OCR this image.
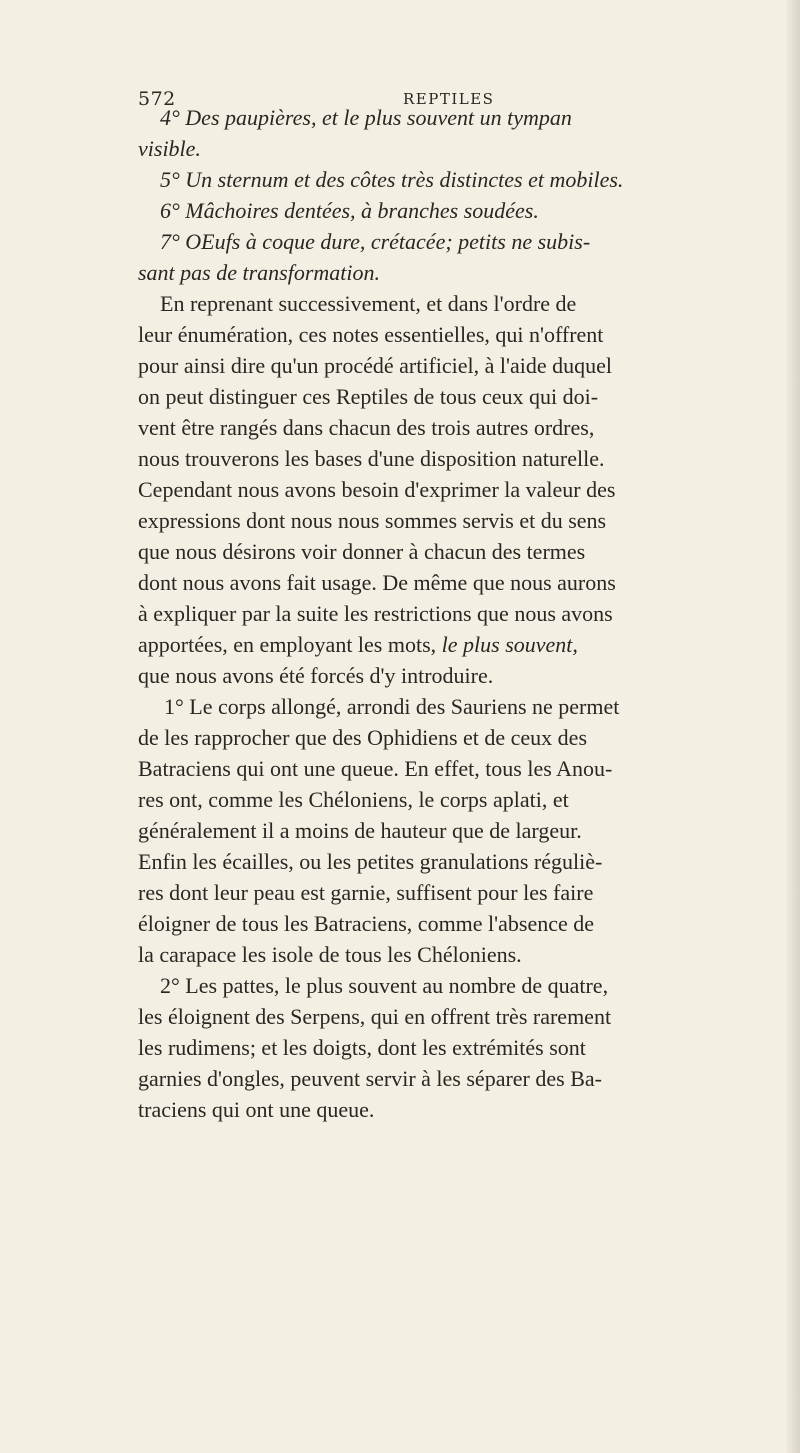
572	REPTILES
4° Des paupières, et le plus souvent un tympan
visible.
5° Un sternum et des côtes très distinctes et mobiles.
6° Mâchoires dentées, à branches soudées.
7° OEufs à coque dure, crétacée; petits ne subis-
sant pas de transformation.
En reprenant successivement, et dans l'ordre de
leur énumération, ces notes essentielles, qui n'offrent
pour ainsi dire qu'un procédé artificiel, à l'aide duquel
on peut distinguer ces Reptiles de tous ceux qui doi-
vent être rangés dans chacun des trois autres ordres,
nous trouverons les bases d'une disposition naturelle.
Cependant nous avons besoin d'exprimer la valeur des
expressions dont nous nous sommes servis et du sens
que nous désirons voir donner à chacun des termes
dont nous avons fait usage. De même que nous aurons
à expliquer par la suite les restrictions que nous avons
apportées, en employant les mots, le plus souvent,
que nous avons été forcés d'y introduire.
1° Le corps allongé, arrondi des Sauriens ne permet
de les rapprocher que des Ophidiens et de ceux des
Batraciens qui ont une queue. En effet, tous les Anou-
res ont, comme les Chéloniens, le corps aplati, et
généralement il a moins de hauteur que de largeur.
Enfin les écailles, ou les petites granulations réguliè-
res dont leur peau est garnie, suffisent pour les faire
éloigner de tous les Batraciens, comme l'absence de
la carapace les isole de tous les Chéloniens.
2° Les pattes, le plus souvent au nombre de quatre,
les éloignent des Serpens, qui en offrent très rarement
les rudimens; et les doigts, dont les extrémités sont
garnies d'ongles, peuvent servir à les séparer des Ba-
traciens qui ont une queue.
